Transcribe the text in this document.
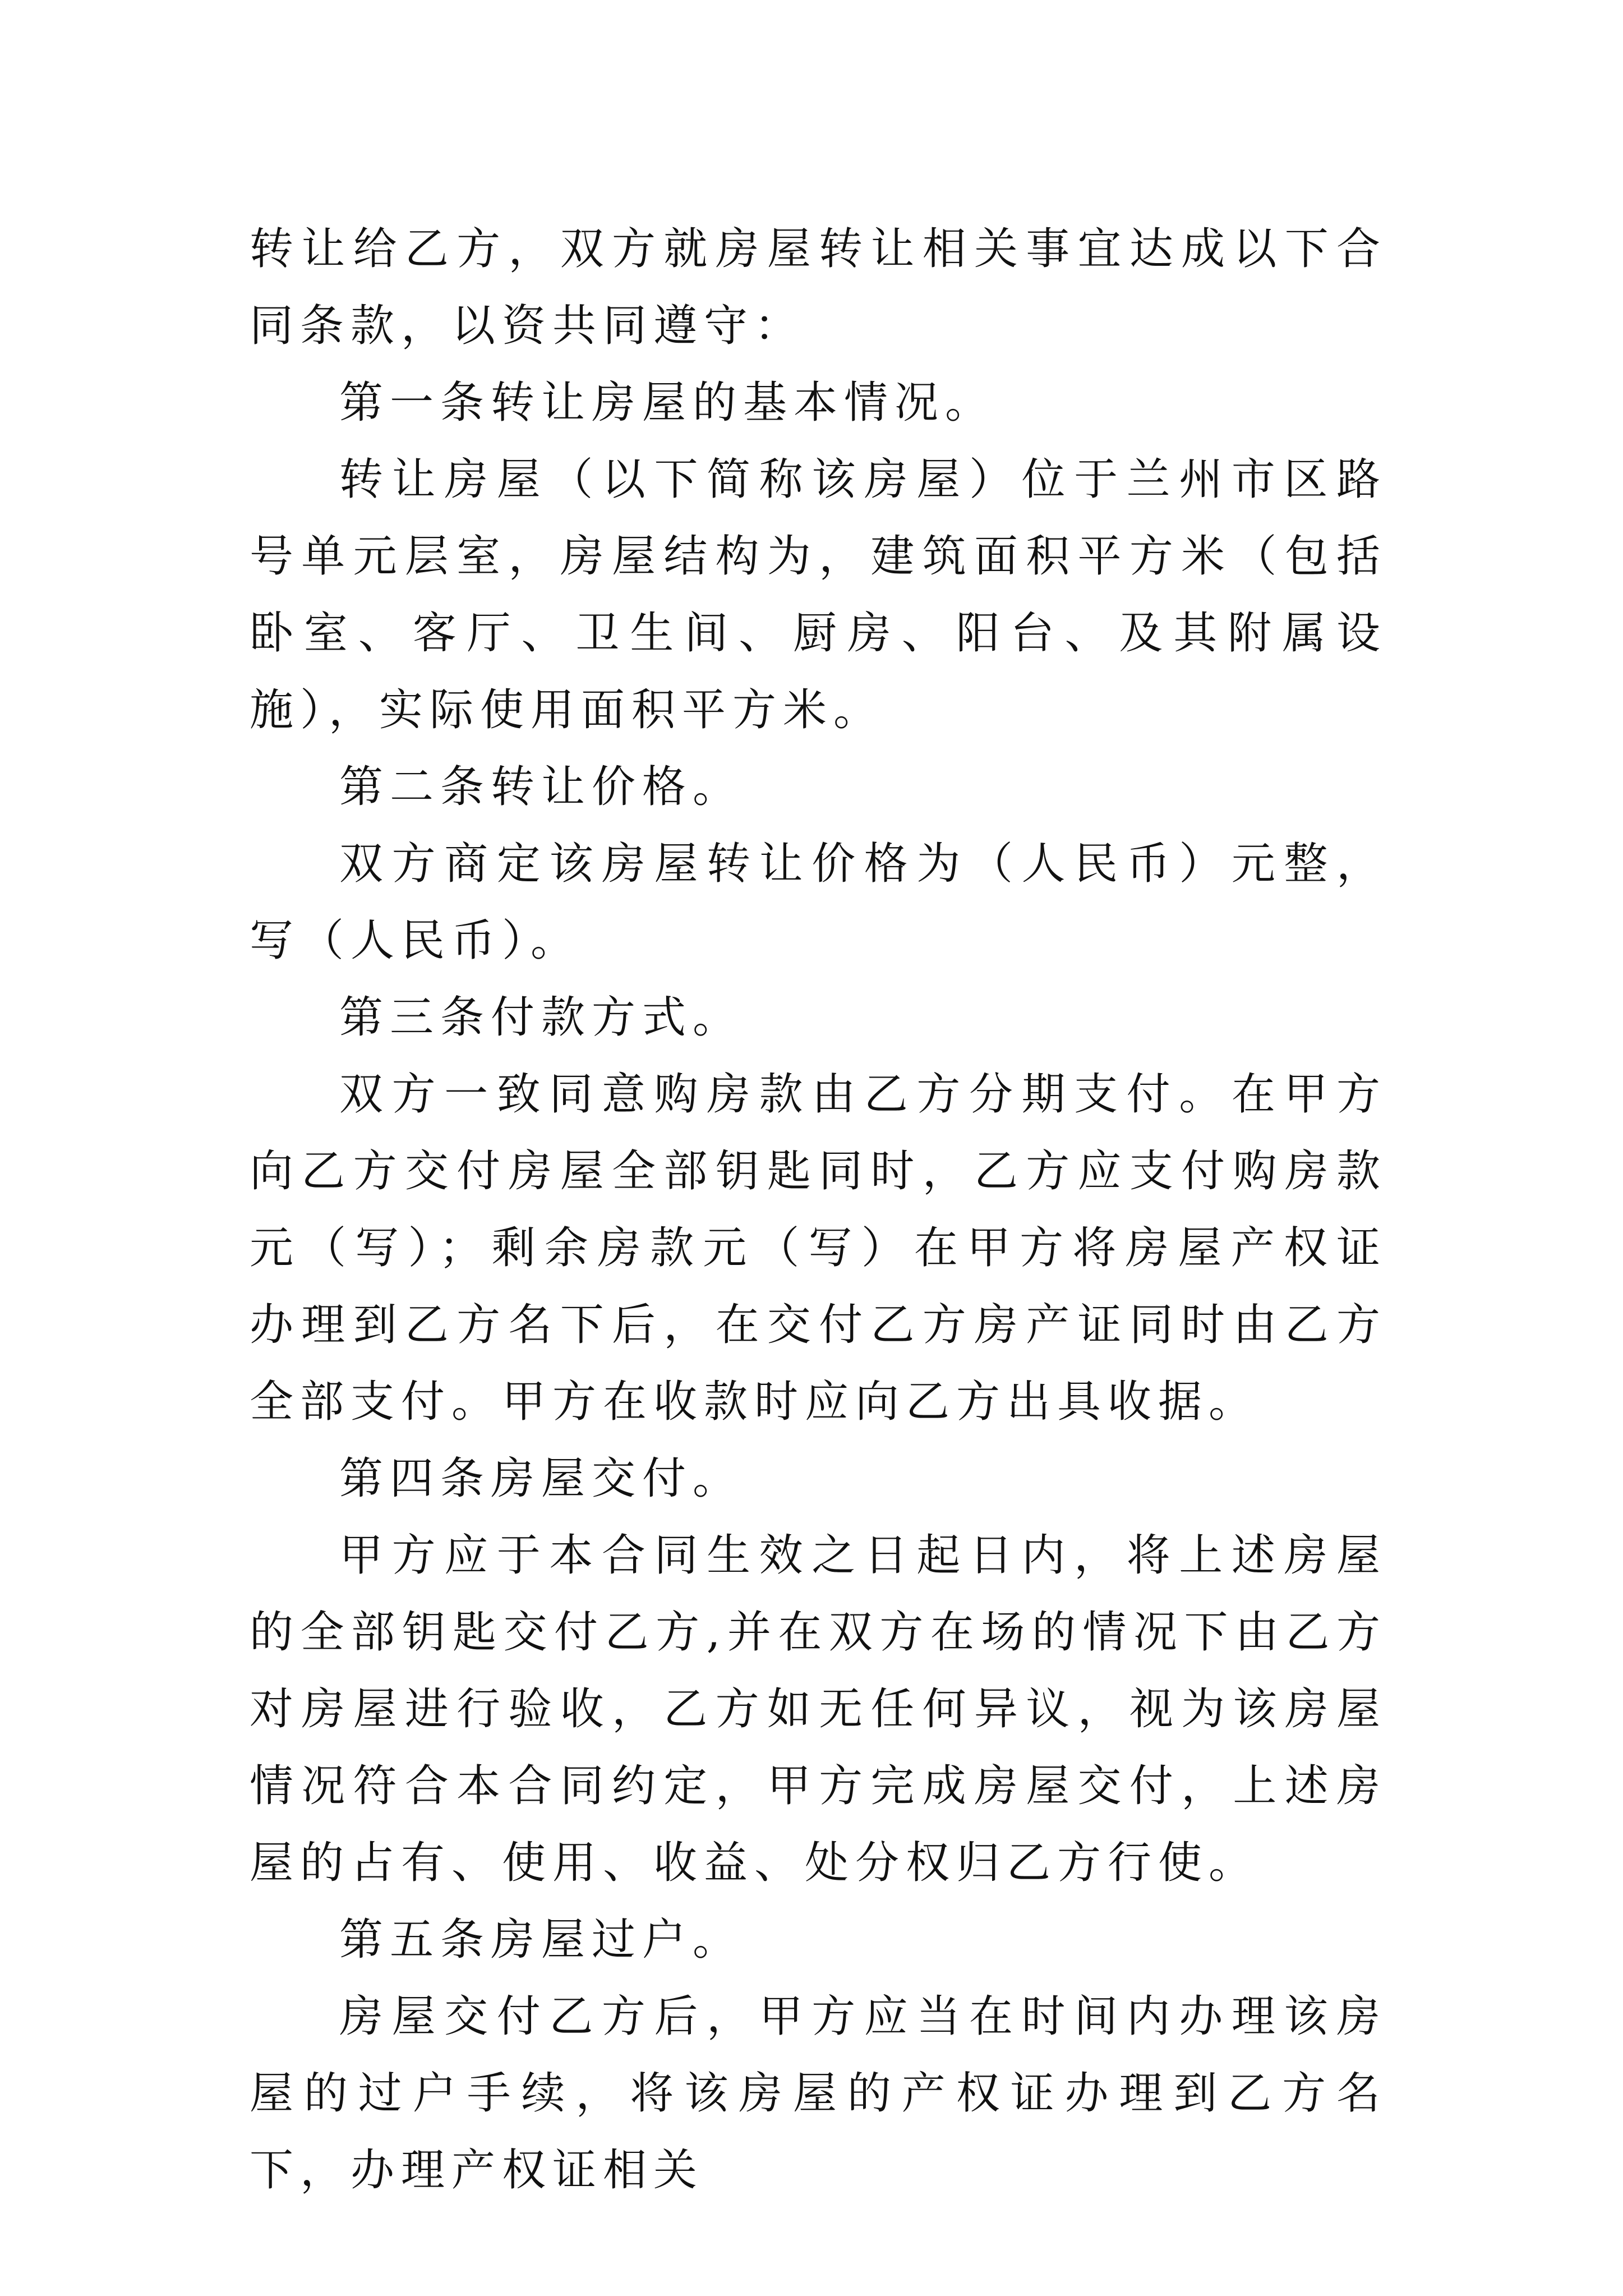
转让给乙方，双方就房屋转让相关事宜达成以下合同条款，以资共同遵守：

第一条转让房屋的基本情况。

转让房屋（以下简称该房屋）位于兰州市区路号单元层室，房屋结构为，建筑面积平方米（包括卧室、客厅、卫生间、厨房、阳台、及其附属设施），实际使用面积平方米。

第二条转让价格。

双方商定该房屋转让价格为（人民币）元整，写（人民币）。

第三条付款方式。

双方一致同意购房款由乙方分期支付。在甲方向乙方交付房屋全部钥匙同时，乙方应支付购房款元（写）；剩余房款元（写）在甲方将房屋产权证办理到乙方名下后，在交付乙方房产证同时由乙方全部支付。甲方在收款时应向乙方出具收据。

第四条房屋交付。

甲方应于本合同生效之日起日内，将上述房屋的全部钥匙交付乙方,并在双方在场的情况下由乙方对房屋进行验收，乙方如无任何异议，视为该房屋情况符合本合同约定，甲方完成房屋交付，上述房屋的占有、使用、收益、处分权归乙方行使。

第五条房屋过户。

房屋交付乙方后，甲方应当在时间内办理该房屋的过户手续，将该房屋的产权证办理到乙方名下，办理产权证相关
